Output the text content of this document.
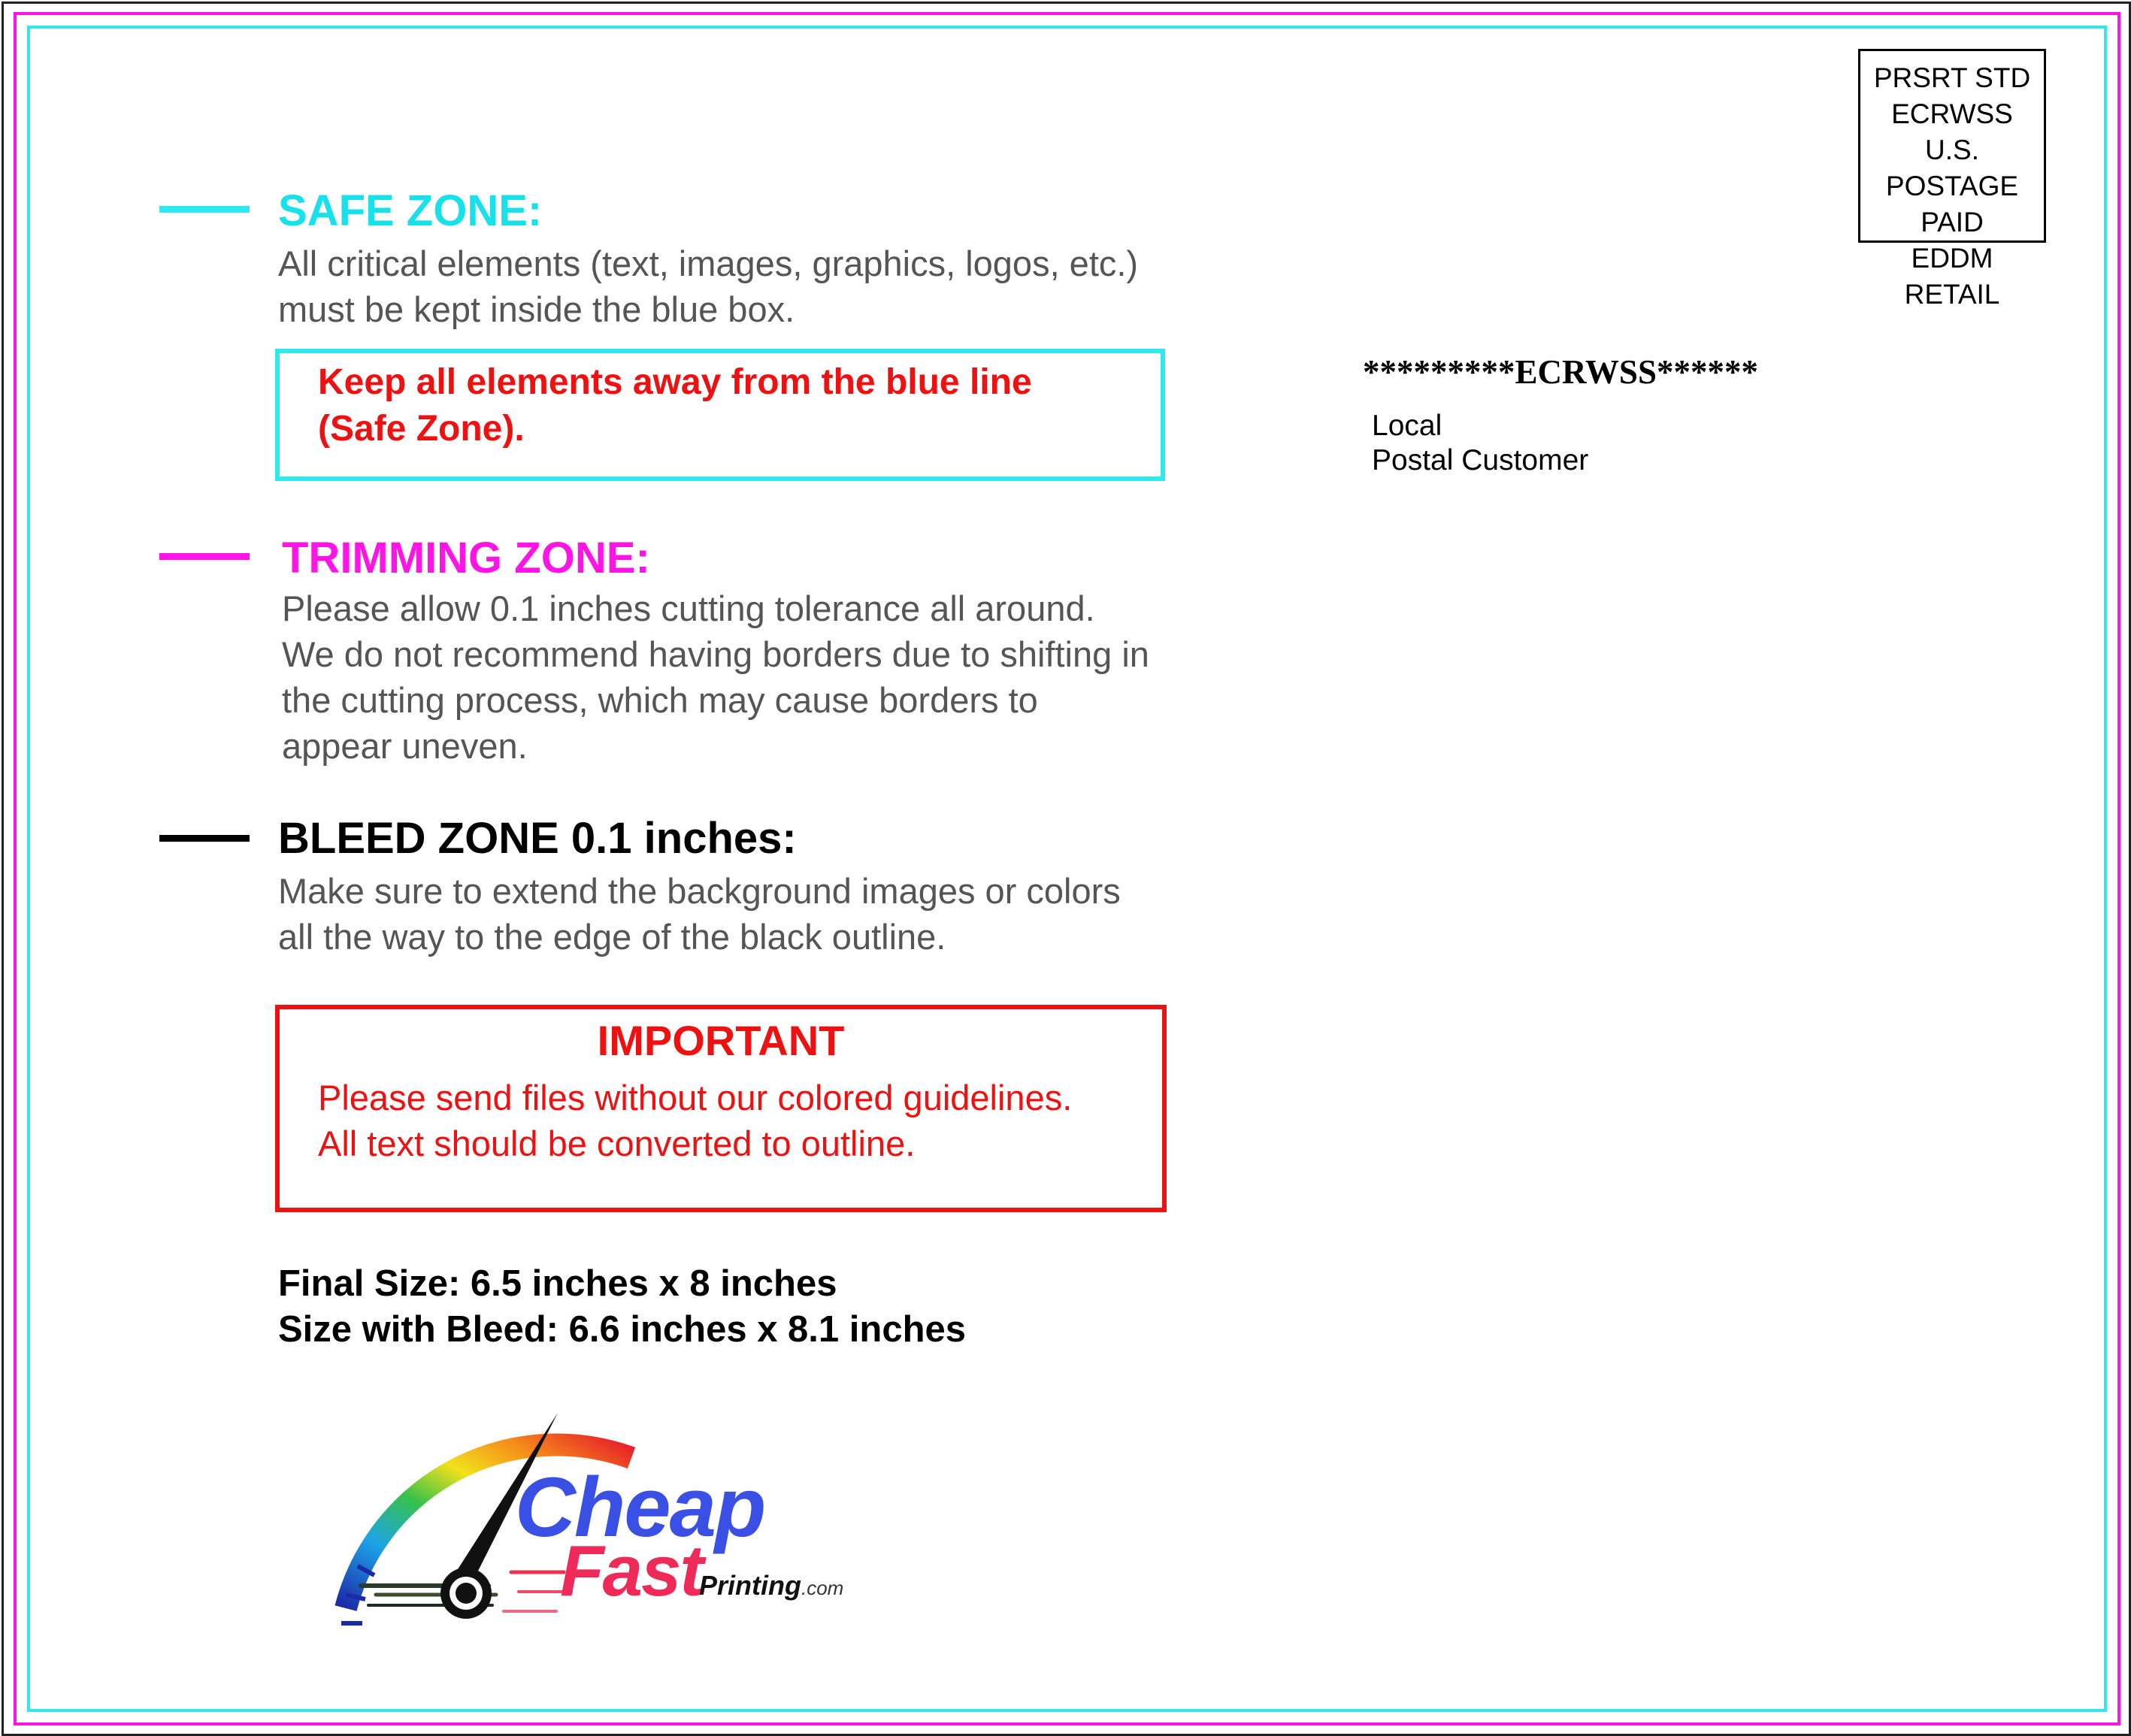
SAFE ZONE:
All critical elements (text, images, graphics, logos, etc.)
must be kept inside the blue box.
Keep all elements away from the blue line
(Safe Zone).
TRIMMING ZONE:
Please allow 0.1 inches cutting tolerance all around.
We do not recommend having borders due to shifting in
the cutting process, which may cause borders to
appear uneven.
BLEED ZONE 0.1 inches:
Make sure to extend the background images or colors
all the way to the edge of the black outline.
IMPORTANT
Please send files without our colored guidelines.
All text should be converted to outline.
Final Size: 6.5 inches x 8 inches
Size with Bleed: 6.6 inches x 8.1 inches
PRSRT STD
ECRWSS
U.S. POSTAGE
PAID
EDDM RETAIL
*********ECRWSS******
Local
Postal Customer
Cheap
Fast
Printing.com
